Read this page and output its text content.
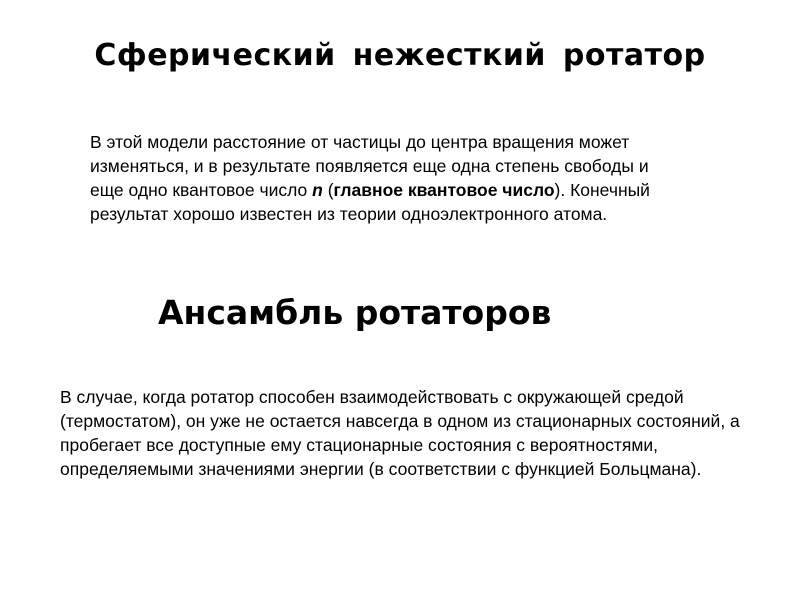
Сферический нежесткий ротатор

В этой модели расстояние от частицы до центра вращения может изменяться, и в результате появляется еще одна степень свободы и еще одно квантовое число n (главное квантовое число). Конечный результат хорошо известен из теории одноэлектронного атома.

Ансамбль ротаторов

В случае, когда ротатор способен взаимодействовать с окружающей средой (термостатом), он уже не остается навсегда в одном из стационарных состояний, а пробегает все доступные ему стационарные состояния с вероятностями, определяемыми значениями энергии (в соответствии с функцией Больцмана).
